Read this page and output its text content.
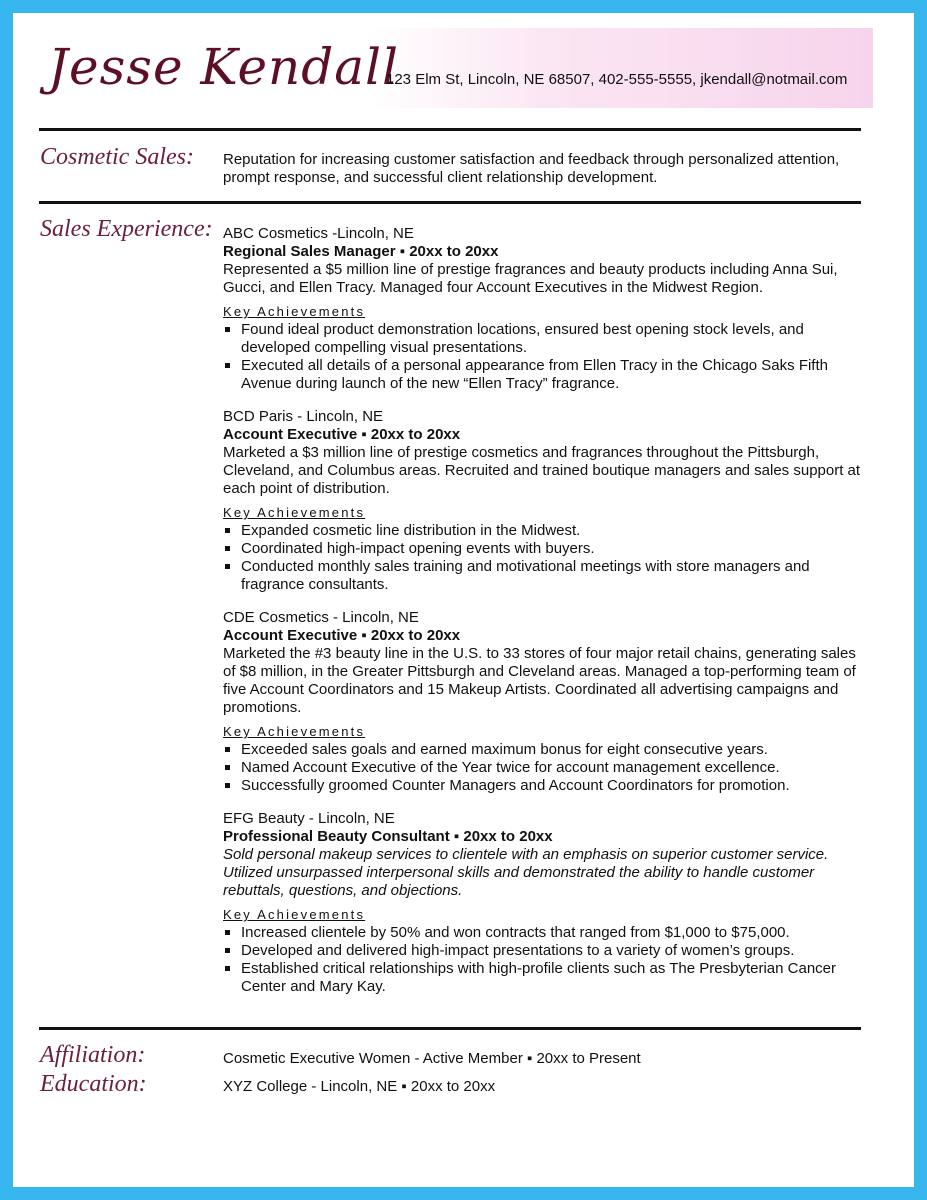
Jesse Kendall
123 Elm St, Lincoln, NE 68507, 402-555-5555, jkendall@notmail.com
Cosmetic Sales: Reputation for increasing customer satisfaction and feedback through personalized attention, prompt response, and successful client relationship development.

Sales Experience: ABC Cosmetics -Lincoln, NE

Regional Sales Manager ▪ 20xx to 20xx

Represented a $5 million line of prestige fragrances and beauty products including Anna Sui, Gucci, and Ellen Tracy. Managed four Account Executives in the Midwest Region.

Key Achievements

Found ideal product demonstration locations, ensured best opening stock levels, and developed compelling visual presentations.
Executed all details of a personal appearance from Ellen Tracy in the Chicago Saks Fifth Avenue during launch of the new “Ellen Tracy” fragrance.

BCD Paris - Lincoln, NE

Account Executive ▪ 20xx to 20xx

Marketed a $3 million line of prestige cosmetics and fragrances throughout the Pittsburgh, Cleveland, and Columbus areas. Recruited and trained boutique managers and sales support at each point of distribution.

Key Achievements

Expanded cosmetic line distribution in the Midwest.
Coordinated high-impact opening events with buyers.
Conducted monthly sales training and motivational meetings with store managers and fragrance consultants.

CDE Cosmetics - Lincoln, NE

Account Executive ▪ 20xx to 20xx

Marketed the #3 beauty line in the U.S. to 33 stores of four major retail chains, generating sales of $8 million, in the Greater Pittsburgh and Cleveland areas. Managed a top-performing team of five Account Coordinators and 15 Makeup Artists. Coordinated all advertising campaigns and promotions.

Key Achievements

Exceeded sales goals and earned maximum bonus for eight consecutive years.
Named Account Executive of the Year twice for account management excellence.
Successfully groomed Counter Managers and Account Coordinators for promotion.

EFG Beauty - Lincoln, NE

Professional Beauty Consultant ▪ 20xx to 20xx

Sold personal makeup services to clientele with an emphasis on superior customer service. Utilized unsurpassed interpersonal skills and demonstrated the ability to handle customer rebuttals, questions, and objections.

Key Achievements

Increased clientele by 50% and won contracts that ranged from $1,000 to $75,000.
Developed and delivered high-impact presentations to a variety of women’s groups.
Established critical relationships with high-profile clients such as The Presbyterian Cancer Center and Mary Kay.
Affiliation:	Cosmetic Executive Women - Active Member ▪ 20xx to Present
Education:	XYZ College - Lincoln, NE ▪ 20xx to 20xx
